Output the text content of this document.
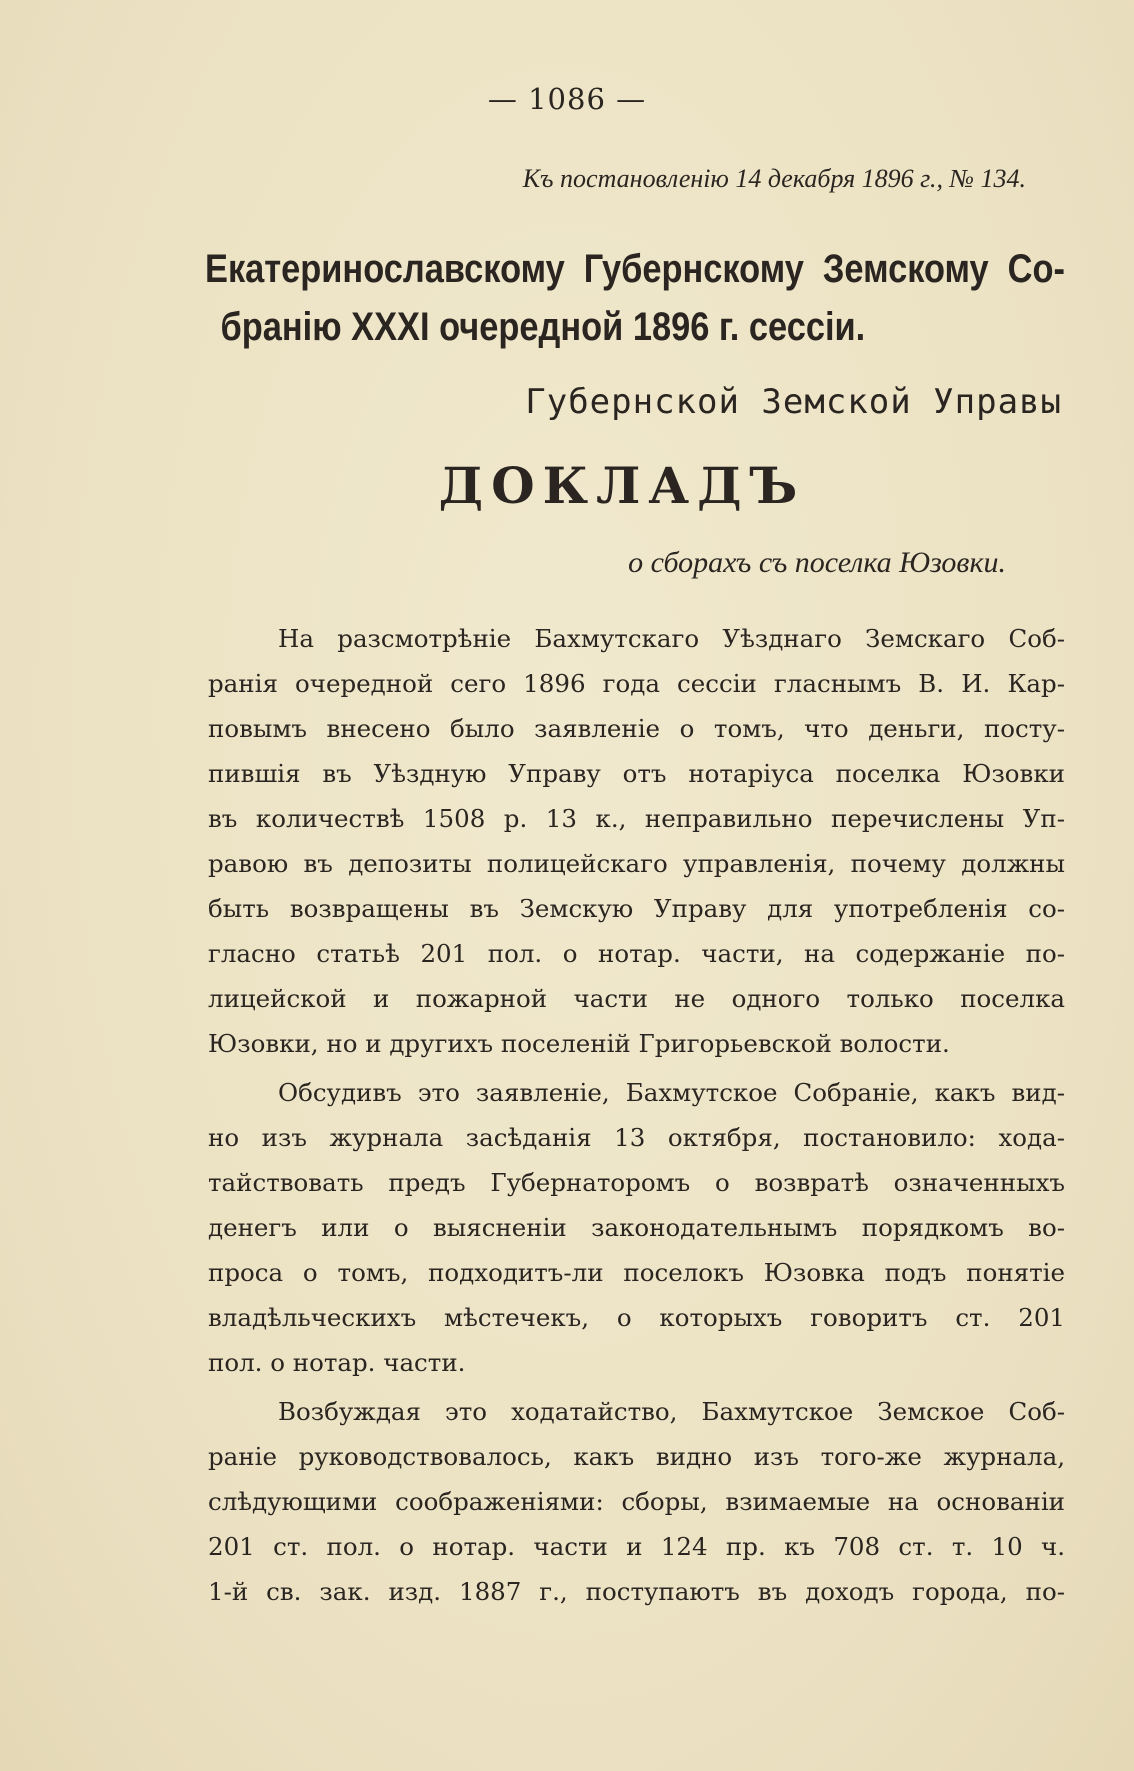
— 1086 —
Къ постановленію 14 декабря 1896 г., № 134.
Екатеринославскому Губернскому Земскому Со-
бранію XXXI очередной 1896 г. сессіи.
Губернской Земской Управы
ДОКЛАДЪ
о сборахъ съ поселка Юзовки.

На разсмотрѣніе Бахмутскаго Уѣзднаго Земскаго Соб-
ранія очередной сего 1896 года сессіи гласнымъ В. И. Кар-
повымъ внесено было заявленіе о томъ, что деньги, посту-
пившія въ Уѣздную Управу отъ нотаріуса поселка Юзовки
въ количествѣ 1508 р. 13 к., неправильно перечислены Уп-
равою въ депозиты полицейскаго управленія, почему должны
быть возвращены въ Земскую Управу для употребленія со-
гласно статьѣ 201 пол. о нотар. части, на содержаніе по-
лицейской и пожарной части не одного только поселка
Юзовки, но и другихъ поселеній Григорьевской волости.

Обсудивъ это заявленіе, Бахмутское Собраніе, какъ вид-
но изъ журнала засѣданія 13 октября, постановило: хода-
тайствовать предъ Губернаторомъ о возвратѣ означенныхъ
денегъ или о выясненіи законодательнымъ порядкомъ во-
проса о томъ, подходитъ-ли поселокъ Юзовка подъ понятіе
владѣльческихъ мѣстечекъ, о которыхъ говоритъ ст. 201
пол. о нотар. части.

Возбуждая это ходатайство, Бахмутское Земское Соб-
раніе руководствовалось, какъ видно изъ того-же журнала,
слѣдующими соображеніями: сборы, взимаемые на основаніи
201 ст. пол. о нотар. части и 124 пр. къ 708 ст. т. 10 ч.
1-й св. зак. изд. 1887 г., поступаютъ въ доходъ города, по-
